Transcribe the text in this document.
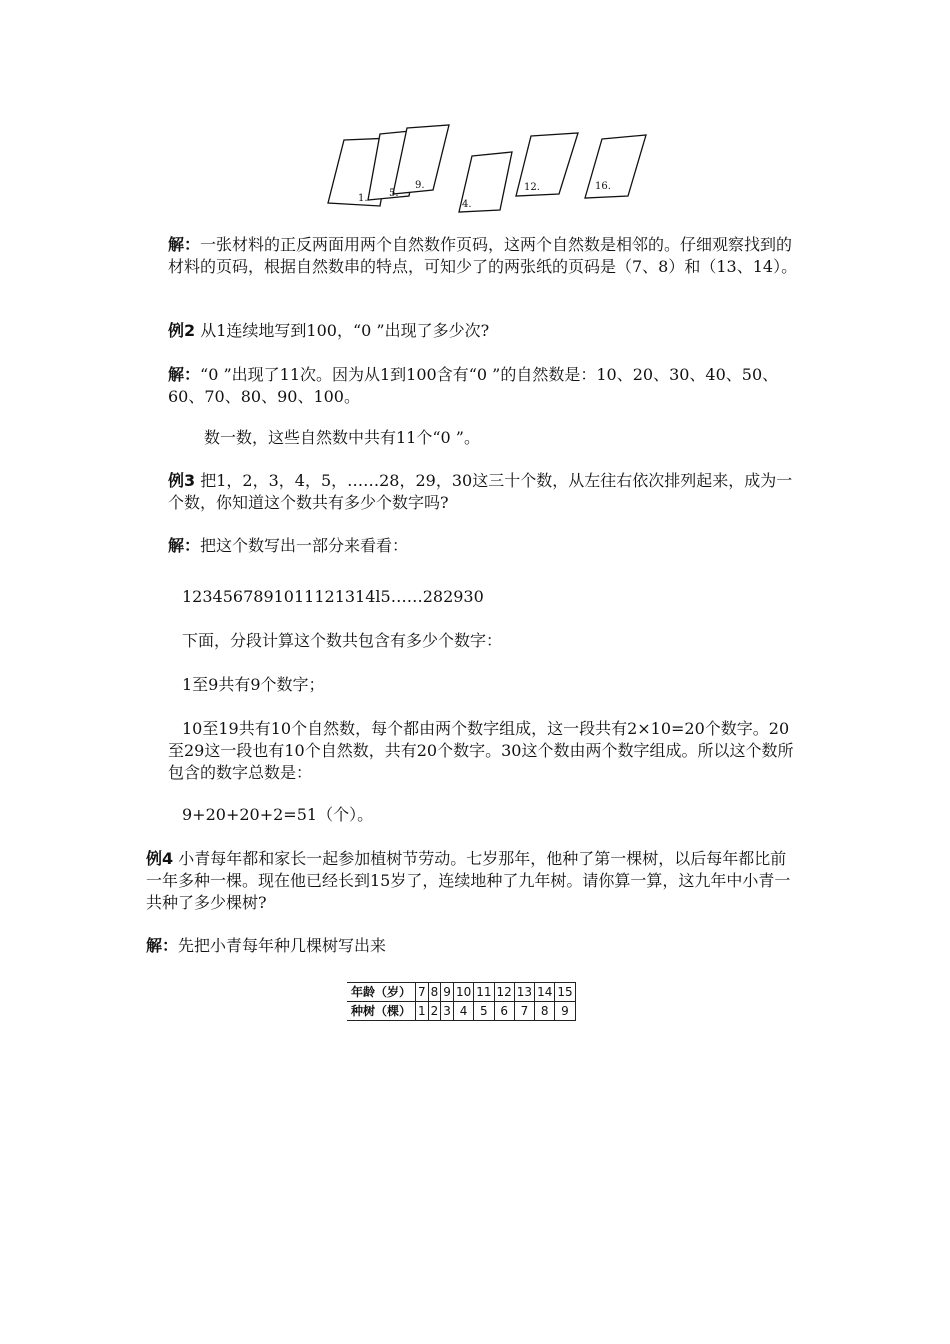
1. 5.
9.
4.
12.	16.

解：一张材料的正反两面用两个自然数作页码，这两个自然数是相邻的。仔细观察找到的材料的页码，根据自然数串的特点，可知少了的两张纸的页码是（7、8）和（13、14）。

例2 从1连续地写到100，“0 ”出现了多少次?

解：“0 ”出现了11次。因为从1到100含有“0 ”的自然数是：10、20、30、40、50、60、70、80、90、100。

数一数，这些自然数中共有11个“0 ”。

例3 把1，2，3，4，5，……28，29，30这三十个数，从左往右依次排列起来，成为一个数，你知道这个数共有多少个数字吗?

解：把这个数写出一部分来看看：

1234567891011121314l5……282930

下面，分段计算这个数共包含有多少个数字：

1至9共有9个数字；

10至19共有10个自然数，每个都由两个数字组成，这一段共有2×10=20个数字。20至29这一段也有10个自然数，共有20个数字。30这个数由两个数字组成。所以这个数所包含的数字总数是：

9+20+20+2=51（个）。

例4 小青每年都和家长一起参加植树节劳动。七岁那年，他种了第一棵树，以后每年都比前一年多种一棵。现在他已经长到15岁了，连续地种了九年树。请你算一算，这九年中小青一共种了多少棵树?

解：先把小青每年种几棵树写出来

年龄（岁）	7	8	9	10	11	12	13	14	15
种树（棵）	1	2	3	4	5	6	7	8	9
